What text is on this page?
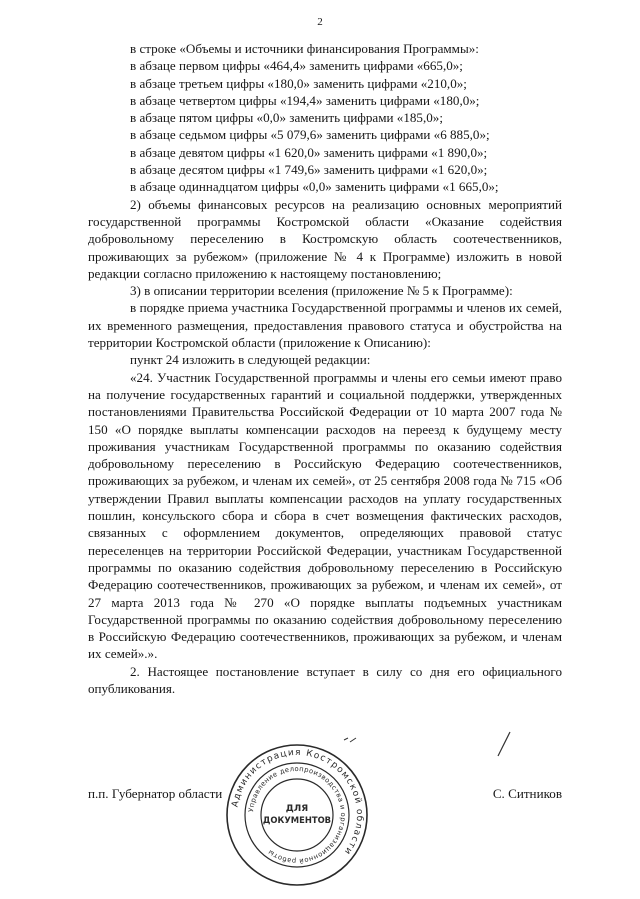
2

в строке «Объемы и источники финансирования Программы»:

в абзаце первом цифры «464,4» заменить цифрами «665,0»;

в абзаце третьем цифры «180,0» заменить цифрами «210,0»;

в абзаце четвертом цифры «194,4» заменить цифрами «180,0»;

в абзаце пятом цифры «0,0» заменить цифрами «185,0»;

в абзаце седьмом цифры «5 079,6» заменить цифрами «6 885,0»;

в абзаце девятом цифры «1 620,0» заменить цифрами «1 890,0»;

в абзаце десятом цифры «1 749,6» заменить цифрами «1 620,0»;

в абзаце одиннадцатом цифры «0,0» заменить цифрами «1 665,0»;

2) объемы финансовых ресурсов на реализацию основных мероприятий государственной программы Костромской области «Оказание содействия добровольному переселению в Костромскую область соотечественников, проживающих за рубежом» (приложение № 4 к Программе) изложить в новой редакции согласно приложению к настоящему постановлению;

3) в описании территории вселения (приложение № 5 к Программе):

в порядке приема участника Государственной программы и членов их семей, их временного размещения, предоставления правового статуса и обустройства на территории Костромской области (приложение к Описанию):

пункт 24 изложить в следующей редакции:

«24. Участник Государственной программы и члены его семьи имеют право на получение государственных гарантий и социальной поддержки, утвержденных постановлениями Правительства Российской Федерации от 10 марта 2007 года № 150 «О порядке выплаты компенсации расходов на переезд к будущему месту проживания участникам Государственной программы по оказанию содействия добровольному переселению в Российскую Федерацию соотечественников, проживающих за рубежом, и членам их семей», от 25 сентября 2008 года № 715 «Об утверждении Правил выплаты компенсации расходов на уплату государственных пошлин, консульского сбора и сбора в счет возмещения фактических расходов, связанных с оформлением документов, определяющих правовой статус переселенцев на территории Российской Федерации, участникам Государственной программы по оказанию содействия добровольному переселению в Российскую Федерацию соотечественников, проживающих за рубежом, и членам их семей», от 27 марта 2013 года № 270 «О порядке выплаты подъемных участникам Государственной программы по оказанию содействия добровольному переселению в Российскую Федерацию соотечественников, проживающих за рубежом, и членам их семей».».

2. Настоящее постановление вступает в силу со дня его официального опубликования.

п.п. Губернатор области	С. Ситников
Администрация Костромской области
Управление делопроизводства и организационной работы
ДЛЯ
ДОКУМЕНТОВ
